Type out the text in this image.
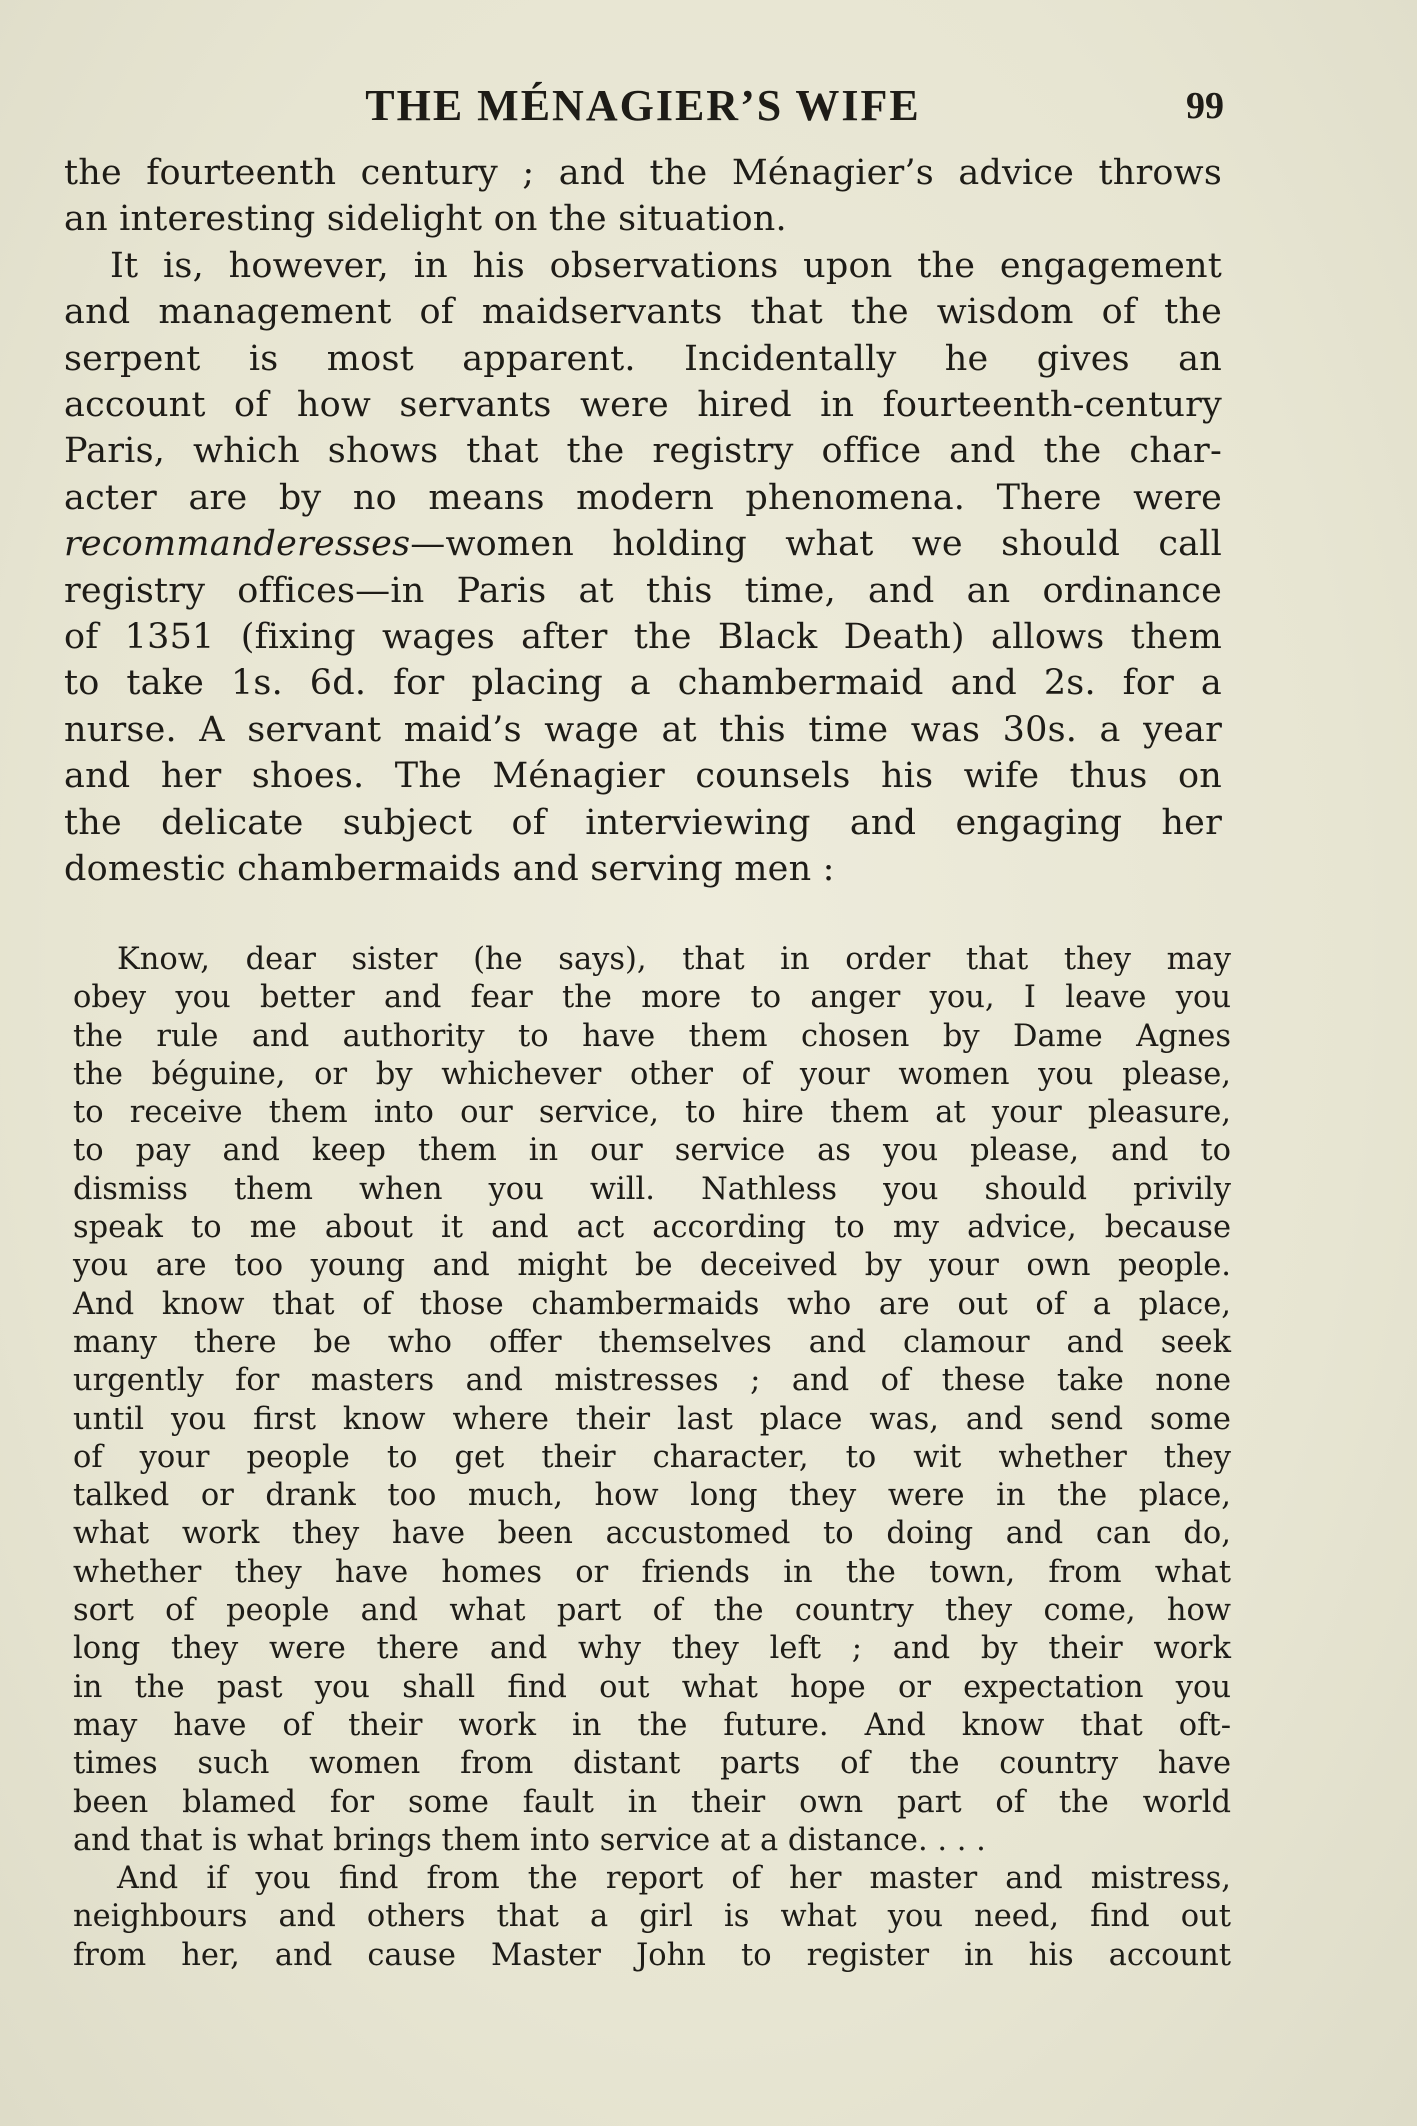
THE MÉNAGIER’S WIFE	99
the fourteenth century ; and the Ménagier’s advice throws
an interesting sidelight on the situation.
It is, however, in his observations upon the engagement
and management of maidservants that the wisdom of the
serpent is most apparent. Incidentally he gives an
account of how servants were hired in fourteenth-century
Paris, which shows that the registry office and the char-
acter are by no means modern phenomena. There were
recommanderesses—women holding what we should call
registry offices—in Paris at this time, and an ordinance
of 1351 (fixing wages after the Black Death) allows them
to take 1s. 6d. for placing a chambermaid and 2s. for a
nurse. A servant maid’s wage at this time was 30s. a year
and her shoes. The Ménagier counsels his wife thus on
the delicate subject of interviewing and engaging her
domestic chambermaids and serving men :
Know, dear sister (he says), that in order that they may
obey you better and fear the more to anger you, I leave you
the rule and authority to have them chosen by Dame Agnes
the béguine, or by whichever other of your women you please,
to receive them into our service, to hire them at your pleasure,
to pay and keep them in our service as you please, and to
dismiss them when you will. Nathless you should privily
speak to me about it and act according to my advice, because
you are too young and might be deceived by your own people.
And know that of those chambermaids who are out of a place,
many there be who offer themselves and clamour and seek
urgently for masters and mistresses ; and of these take none
until you first know where their last place was, and send some
of your people to get their character, to wit whether they
talked or drank too much, how long they were in the place,
what work they have been accustomed to doing and can do,
whether they have homes or friends in the town, from what
sort of people and what part of the country they come, how
long they were there and why they left ; and by their work
in the past you shall find out what hope or expectation you
may have of their work in the future. And know that oft-
times such women from distant parts of the country have
been blamed for some fault in their own part of the world
and that is what brings them into service at a distance. . . .
And if you find from the report of her master and mistress,
neighbours and others that a girl is what you need, find out
from her, and cause Master John to register in his account
